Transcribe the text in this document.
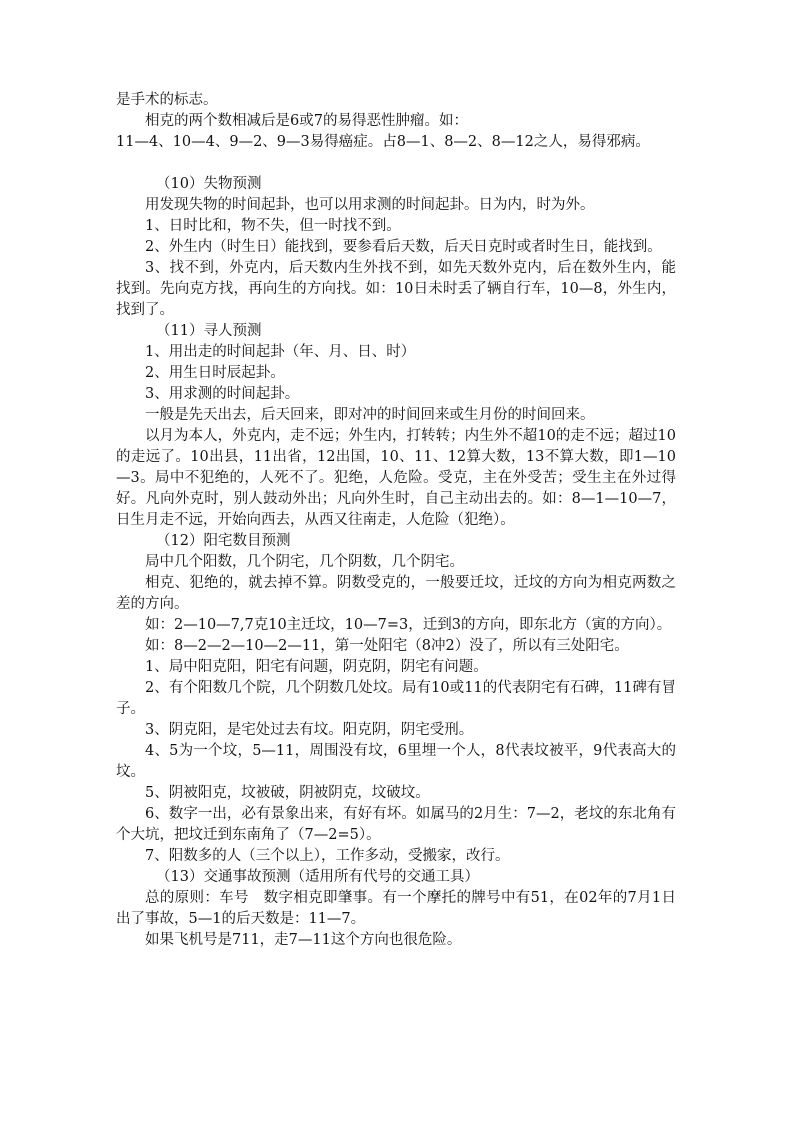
是手术的标志。

相克的两个数相减后是6或7的易得恶性肿瘤。如：

11—4、10—4、9—2、9—3易得癌症。占8—1、8—2、8—12之人，易得邪病。

（10）失物预测

用发现失物的时间起卦，也可以用求测的时间起卦。日为内，时为外。

1、日时比和，物不失，但一时找不到。

2、外生内（时生日）能找到，要参看后天数，后天日克时或者时生日，能找到。

3、找不到，外克内，后天数内生外找不到，如先天数外克内，后在数外生内，能找到。先向克方找，再向生的方向找。如：10日未时丢了辆自行车，10—8，外生内，找到了。

（11）寻人预测

1、用出走的时间起卦（年、月、日、时）

2、用生日时辰起卦。

3、用求测的时间起卦。

一般是先天出去，后天回来，即对冲的时间回来或生月份的时间回来。

以月为本人，外克内，走不远；外生内，打转转；内生外不超10的走不远；超过10的走远了。10出县，11出省，12出国，10、11、12算大数，13不算大数，即1—10—3。局中不犯绝的，人死不了。犯绝，人危险。受克，主在外受苦；受生主在外过得好。凡向外克时，别人鼓动外出；凡向外生时，自己主动出去的。如：8—1—10—7，日生月走不远，开始向西去，从西又往南走，人危险（犯绝）。

（12）阳宅数目预测

局中几个阳数，几个阴宅，几个阴数，几个阴宅。

相克、犯绝的，就去掉不算。阴数受克的，一般要迁坟，迁坟的方向为相克两数之差的方向。

如：2—10—7,7克10主迁坟，10—7=3，迁到3的方向，即东北方（寅的方向）。

如：8—2—2—10—2—11，第一处阳宅（8冲2）没了，所以有三处阳宅。

1、局中阳克阳，阳宅有问题，阴克阴，阴宅有问题。

2、有个阳数几个院，几个阴数几处坟。局有10或11的代表阴宅有石碑，11碑有冒子。

3、阴克阳，是宅处过去有坟。阳克阴，阴宅受刑。

4、5为一个坟，5—11，周围没有坟，6里埋一个人，8代表坟被平，9代表高大的坟。

5、阴被阳克，坟被破，阴被阴克，坟破坟。

6、数字一出，必有景象出来，有好有坏。如属马的2月生：7—2，老坟的东北角有个大坑，把坟迁到东南角了（7—2=5）。

7、阳数多的人（三个以上），工作多动，受搬家，改行。

（13）交通事故预测（适用所有代号的交通工具）

总的原则：车号　数字相克即肇事。有一个摩托的牌号中有51，在02年的7月1日出了事故，5—1的后天数是：11—7。

如果飞机号是711，走7—11这个方向也很危险。
